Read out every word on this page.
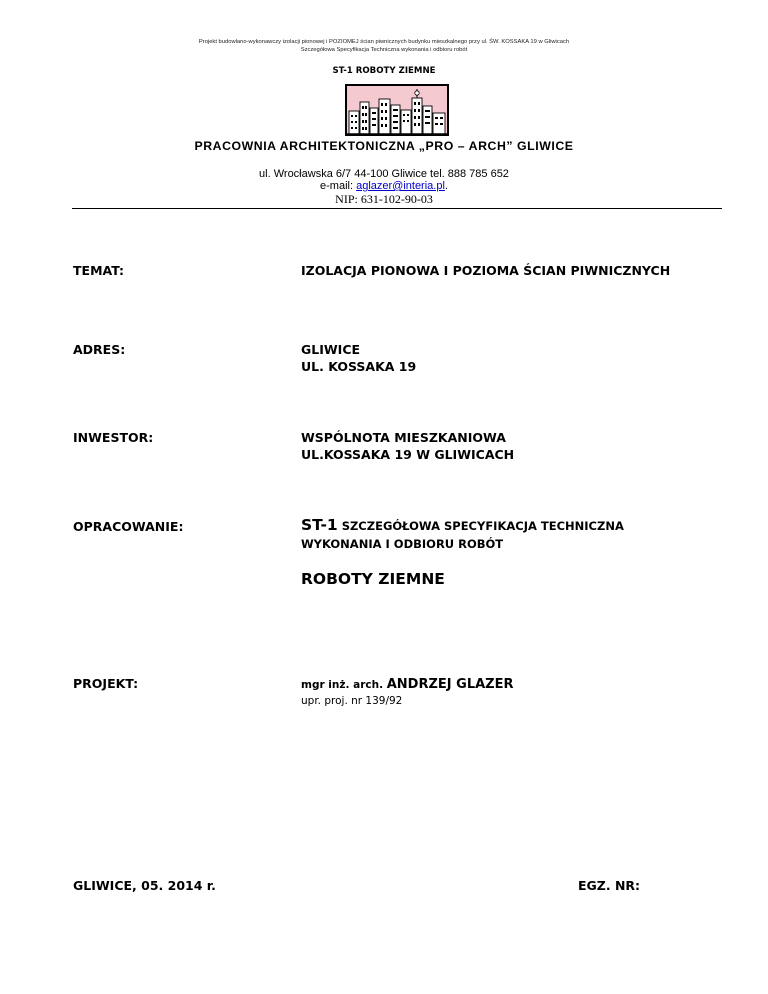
Projekt budowlano-wykonawczy izolacji pionowej i POZIOMEJ ścian piwnicznych budynku mieszkalnego przy ul. ŚW. KOSSAKA 19 w Gliwicach
Szczegółowa Specyfikacja Techniczna wykonania i odbioru robót
ST-1 ROBOTY ZIEMNE
PRACOWNIA ARCHITEKTONICZNA „PRO – ARCH” GLIWICE
ul. Wrocławska 6/7 44-100 Gliwice tel. 888 785 652
e-mail: aglazer@interia.pl.
NIP: 631-102-90-03
TEMAT:	IZOLACJA PIONOWA I POZIOMA ŚCIAN PIWNICZNYCH
ADRES:	GLIWICE
UL. KOSSAKA 19
INWESTOR:	WSPÓLNOTA MIESZKANIOWA
UL.KOSSAKA 19 W GLIWICACH
OPRACOWANIE:	ST-1 SZCZEGÓŁOWA SPECYFIKACJA TECHNICZNA
WYKONANIA I ODBIORU ROBÓT
ROBOTY ZIEMNE
PROJEKT:	mgr inż. arch. ANDRZEJ GLAZER
upr. proj. nr 139/92
GLIWICE, 05. 2014 r.	EGZ. NR:
